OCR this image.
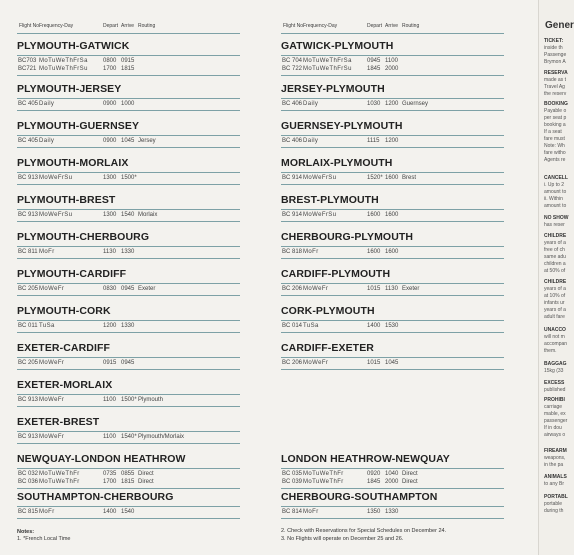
Flight No.
Frequency-Day	Depart Arrive Routing
PLYMOUTH-GATWICK
BC703 MoTuWeThFrSa	0800 0915
BC721 MoTuWeThFrSu	1700 1815
PLYMOUTH-JERSEY
BC 405 Daily	0900 1000
PLYMOUTH-GUERNSEY
BC 405 Daily	0900 1045 Jersey
PLYMOUTH-MORLAIX
BC 913 MoWeFrSu	1300 1500*
PLYMOUTH-BREST
BC 913 MoWeFrSu	1300 1540 Morlaix
PLYMOUTH-CHERBOURG
BC 811 MoFr	1130 1330
PLYMOUTH-CARDIFF
BC 205 MoWeFr	0830 0945 Exeter
PLYMOUTH-CORK
BC 011 TuSa	1200 1330
EXETER-CARDIFF
BC 205 MoWeFr	0915 0945
EXETER-MORLAIX
BC 913 MoWeFr	1100 1500* Plymouth
EXETER-BREST
BC 913 MoWeFr	1100 1540* Plymouth/Morlaix
NEWQUAY-LONDON HEATHROW
BC 032 MoTuWeThFr	0735 0855 Direct
BC 036 MoTuWeThFr	1700 1815 Direct
SOUTHAMPTON-CHERBOURG
BC 815 MoFr	1400 1540
Flight No.
Frequency-Day	Depart Arrive Routing
GATWICK-PLYMOUTH
BC 704 MoTuWeThFrSa	0945 1100
BC 722 MoTuWeThFrSu	1845 2000
JERSEY-PLYMOUTH
BC 406 Daily	1030 1200 Guernsey
GUERNSEY-PLYMOUTH
BC 406 Daily	1115 1200
MORLAIX-PLYMOUTH
BC 914 MoWeFrSu	1520* 1600 Brest
BREST-PLYMOUTH
BC 914 MoWeFrSu	1600 1600
CHERBOURG-PLYMOUTH
BC 818 MoFr	1600 1600
CARDIFF-PLYMOUTH
BC 206 MoWeFr	1015 1130 Exeter
CORK-PLYMOUTH
BC 014 TuSa	1400 1530
CARDIFF-EXETER
BC 206 MoWeFr	1015 1045
LONDON HEATHROW-NEWQUAY
BC 035 MoTuWeThFr	0920 1040 Direct
BC 039 MoTuWeThFr	1845 2000 Direct
CHERBOURG-SOUTHAMPTON
BC 814 MoFr	1350 1330
Notes:
1. *French Local Time
2. Check with Reservations for Special Schedules on December 24.
3. No Flights will operate on December 25 and 26.
Gener
TICKET:
inside th
Passenge
Brymon A
RESERVA
made as t
Travel Ag
the reserv
BOOKING
Payable o
per seat p
booking a
If a seat
fare must
Note: Wh
fare witho
Agents re
CANCELL
i. Up to 2
amount to
ii. Within
amount to
NO SHOW
has reser
CHILDRE
years of a
free of ch
same adu
children a
at 50% of
CHILDRE
years of a
at 10% of
infants ur
years of a
adult fare
UNACCO
will not m
accompan
them.
BAGGAG
15kg (33
EXCESS
published
PROHIBI
carriage
mable, ex
passenger
If in dou
airways o
FIREARM
weapons,
in the pa
ANIMALS
to any Br
PORTABL
portable
during th
